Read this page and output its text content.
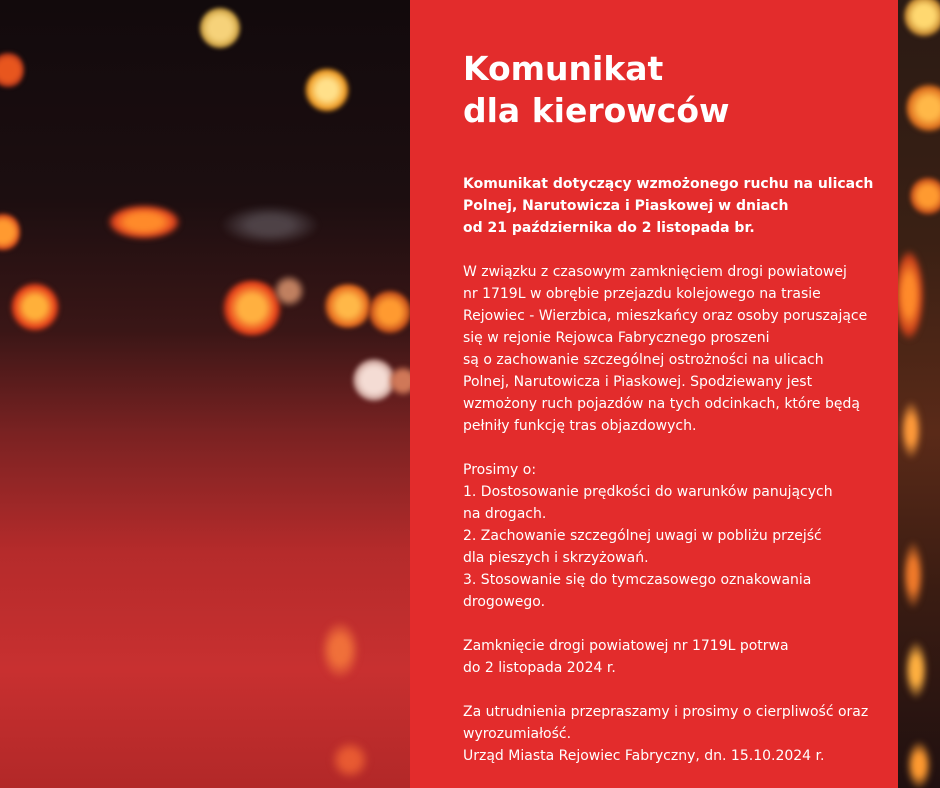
Komunikat
dla kierowców

Komunikat dotyczący wzmożonego ruchu na ulicach

Polnej, Narutowicza i Piaskowej w dniach

od 21 października do 2 listopada br.

W związku z czasowym zamknięciem drogi powiatowej

nr 1719L w obrębie przejazdu kolejowego na trasie

Rejowiec - Wierzbica, mieszkańcy oraz osoby poruszające

się w rejonie Rejowca Fabrycznego proszeni

są o zachowanie szczególnej ostrożności na ulicach

Polnej, Narutowicza i Piaskowej. Spodziewany jest

wzmożony ruch pojazdów na tych odcinkach, które będą

pełniły funkcję tras objazdowych.

Prosimy o:

1. Dostosowanie prędkości do warunków panujących

na drogach.

2. Zachowanie szczególnej uwagi w pobliżu przejść

dla pieszych i skrzyżowań.

3. Stosowanie się do tymczasowego oznakowania

drogowego.

Zamknięcie drogi powiatowej nr 1719L potrwa

do 2 listopada 2024 r.

Za utrudnienia przepraszamy i prosimy o cierpliwość oraz

wyrozumiałość.

Urząd Miasta Rejowiec Fabryczny, dn. 15.10.2024 r.
